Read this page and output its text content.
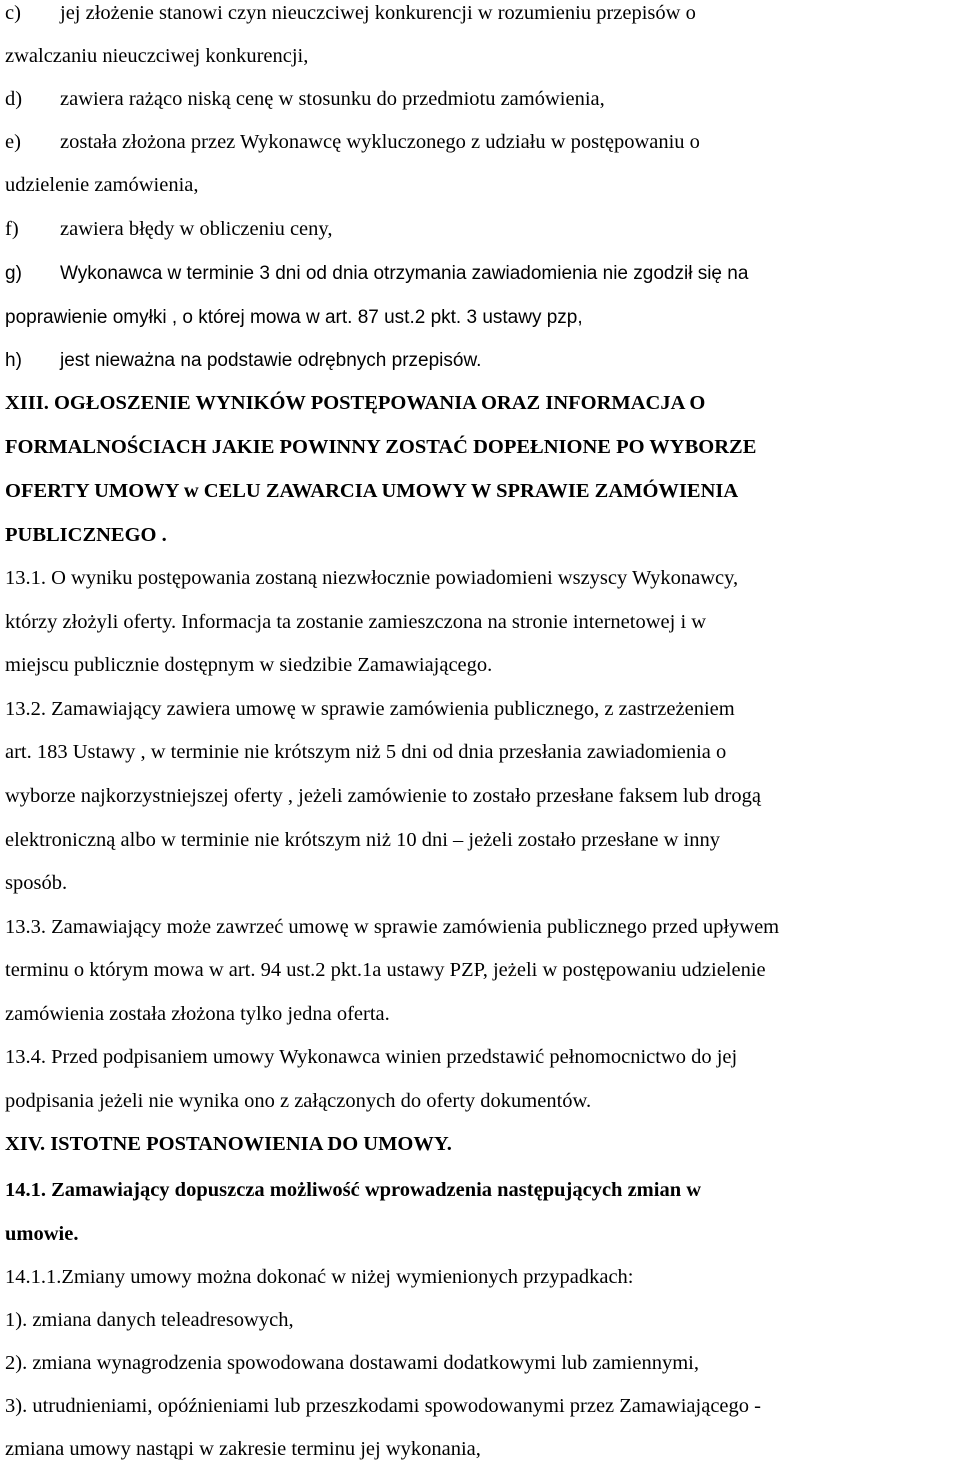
c) jej złożenie stanowi czyn nieuczciwej konkurencji w rozumieniu przepisów o
zwalczaniu nieuczciwej konkurencji,
d) zawiera rażąco niską cenę w stosunku do przedmiotu zamówienia,
e) została złożona przez Wykonawcę wykluczonego z udziału w postępowaniu o
udzielenie zamówienia,
f) zawiera błędy w obliczeniu ceny,
g) Wykonawca w terminie 3 dni od dnia otrzymania zawiadomienia nie zgodził się na
poprawienie omyłki , o której mowa w art. 87 ust.2 pkt. 3 ustawy pzp,
h) jest nieważna na podstawie odrębnych przepisów.
XIII. OGŁOSZENIE WYNIKÓW POSTĘPOWANIA ORAZ INFORMACJA O
FORMALNOŚCIACH JAKIE POWINNY ZOSTAĆ DOPEŁNIONE PO WYBORZE
OFERTY UMOWY w CELU ZAWARCIA UMOWY W SPRAWIE ZAMÓWIENIA
PUBLICZNEGO .
13.1. O wyniku postępowania zostaną niezwłocznie powiadomieni wszyscy Wykonawcy,
którzy złożyli oferty. Informacja ta zostanie zamieszczona na stronie internetowej i w
miejscu publicznie dostępnym w siedzibie Zamawiającego.
13.2. Zamawiający zawiera umowę w sprawie zamówienia publicznego, z zastrzeżeniem
art. 183 Ustawy , w terminie nie krótszym niż 5 dni od dnia przesłania zawiadomienia o
wyborze najkorzystniejszej oferty , jeżeli zamówienie to zostało przesłane faksem lub drogą
elektroniczną albo w terminie nie krótszym niż 10 dni – jeżeli zostało przesłane w inny
sposób.
13.3. Zamawiający może zawrzeć umowę w sprawie zamówienia publicznego przed upływem
terminu o którym mowa w art. 94 ust.2 pkt.1a ustawy PZP, jeżeli w postępowaniu udzielenie
zamówienia została złożona tylko jedna oferta.
13.4. Przed podpisaniem umowy Wykonawca winien przedstawić pełnomocnictwo do jej
podpisania jeżeli nie wynika ono z załączonych do oferty dokumentów.
XIV. ISTOTNE POSTANOWIENIA DO UMOWY.
14.1. Zamawiający dopuszcza możliwość wprowadzenia następujących zmian w
umowie.
14.1.1.Zmiany umowy można dokonać w niżej wymienionych przypadkach:
1). zmiana danych teleadresowych,
2). zmiana wynagrodzenia spowodowana dostawami dodatkowymi lub zamiennymi,
3). utrudnieniami, opóźnieniami lub przeszkodami spowodowanymi przez Zamawiającego -
zmiana umowy nastąpi w zakresie terminu jej wykonania,
